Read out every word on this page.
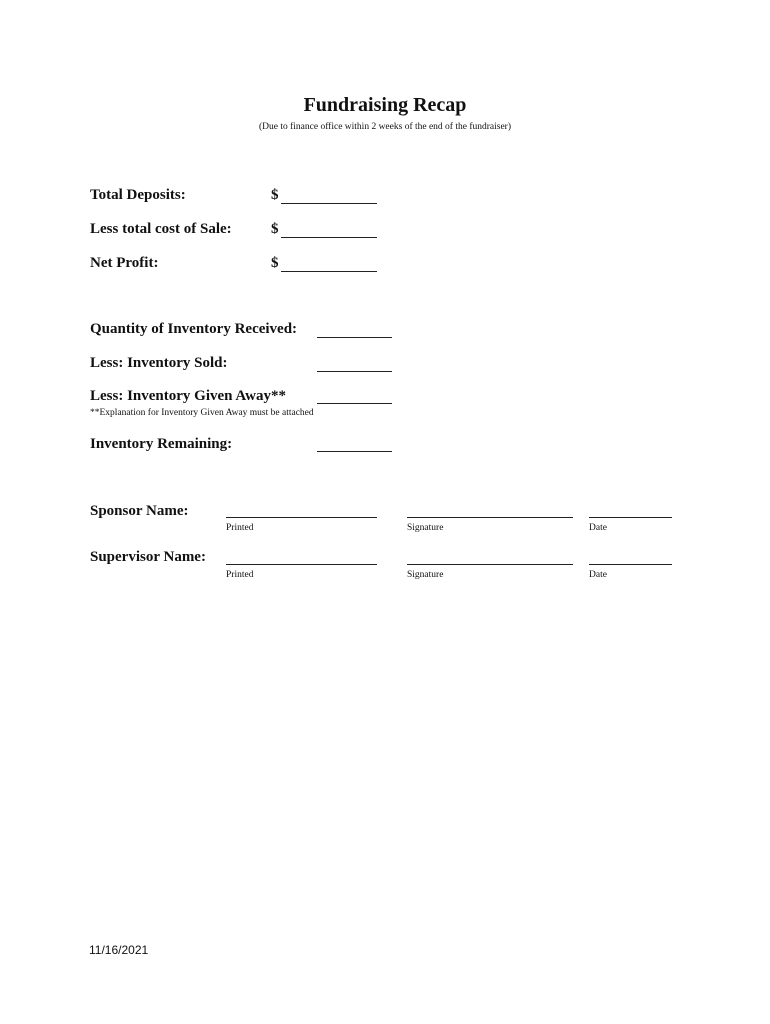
Fundraising Recap
(Due to finance office within 2 weeks of the end of the fundraiser)
Total Deposits:	$
Less total cost of Sale:	$
Net Profit:	$
Quantity of Inventory Received:
Less: Inventory Sold:
Less: Inventory Given Away**
**Explanation for Inventory Given Away must be attached
Inventory Remaining:
Sponsor Name:
Printed	Signature	Date
Supervisor Name:
Printed	Signature	Date
11/16/2021
